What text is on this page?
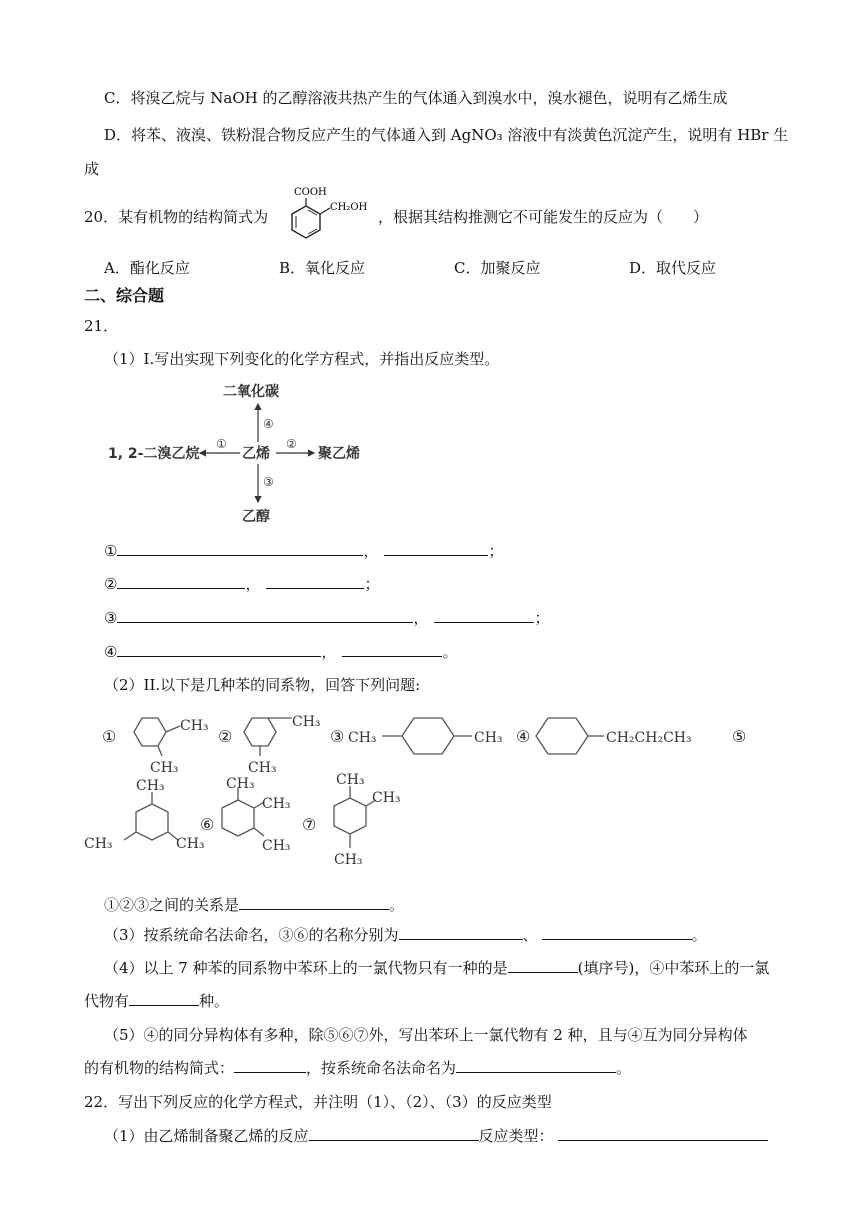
C．将溴乙烷与 NaOH 的乙醇溶液共热产生的气体通入到溴水中，溴水褪色，说明有乙烯生成
D．将苯、液溴、铁粉混合物反应产生的气体通入到 AgNO₃ 溶液中有淡黄色沉淀产生，说明有 HBr 生
成
20．某有机物的结构简式为
COOH
CH₂OH
，根据其结构推测它不可能发生的反应为（　　）
A．酯化反应	B．氧化反应	C．加聚反应	D．取代反应
二、综合题
21．
（1）I.写出实现下列变化的化学方程式，并指出反应类型。
二氧化碳
1, 2-二溴乙烷	乙烯	聚乙烯
乙醇
④
①	②
③
①	，	；
②	，	；
③	，	；
④	，	。
（2）II.以下是几种苯的同系物，回答下列问题:
①	②	③	④	⑤
⑥	⑦
CH₃
CH₃
CH₃
CH₃
CH₃	CH₃	CH₂CH₂CH₃
CH₃
CH₃	CH₃
CH₃
CH₃
CH₃
CH₃
CH₃
CH₃
①②③之间的关系是	。
（3）按系统命名法命名，③⑥的名称分别为	、	。
（4）以上 7 种苯的同系物中苯环上的一氯代物只有一种的是	(填序号)，④中苯环上的一氯
代物有	种。
（5）④的同分异构体有多种，除⑤⑥⑦外，写出苯环上一氯代物有 2 种，且与④互为同分异构体
的有机物的结构简式：	，按系统命名法命名为	。
22．写出下列反应的化学方程式，并注明（1）、（2）、（3）的反应类型
（1）由乙烯制备聚乙烯的反应	反应类型：
